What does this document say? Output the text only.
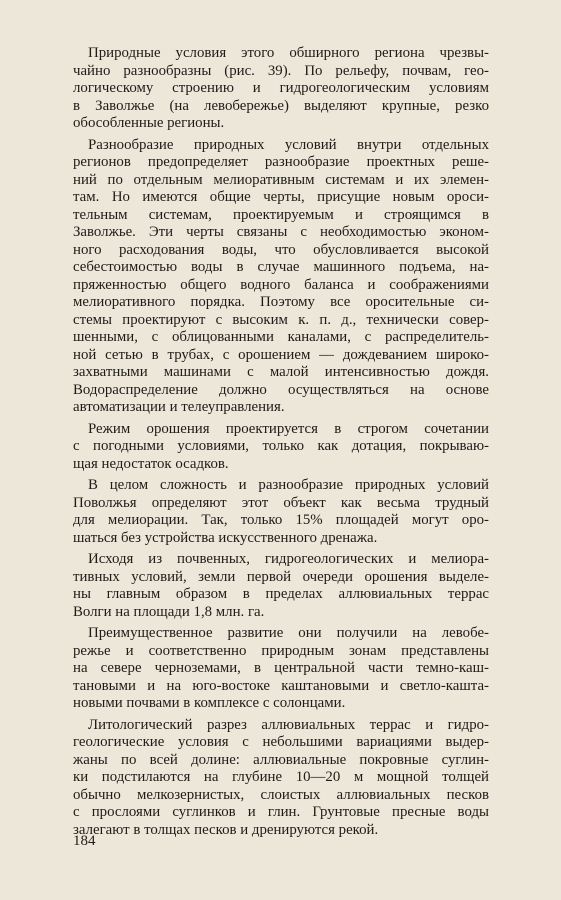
Природные условия этого обширного региона чрезвы-
чайно разнообразны (рис. 39). По рельефу, почвам, гео-
логическому строению и гидрогеологическим условиям
в Заволжье (на левобережье) выделяют крупные, резко
обособленные регионы.
Разнообразие природных условий внутри отдельных
регионов предопределяет разнообразие проектных реше-
ний по отдельным мелиоративным системам и их элемен-
там. Но имеются общие черты, присущие новым ороси-
тельным системам, проектируемым и строящимся в
Заволжье. Эти черты связаны с необходимостью эконом-
ного расходования воды, что обусловливается высокой
себестоимостью воды в случае машинного подъема, на-
пряженностью общего водного баланса и соображениями
мелиоративного порядка. Поэтому все оросительные си-
стемы проектируют с высоким к. п. д., технически совер-
шенными, с облицованными каналами, с распределитель-
ной сетью в трубах, с орошением — дождеванием широко-
захватными машинами с малой интенсивностью дождя.
Водораспределение должно осуществляться на основе
автоматизации и телеуправления.
Режим орошения проектируется в строгом сочетании
с погодными условиями, только как дотация, покрываю-
щая недостаток осадков.
В целом сложность и разнообразие природных условий
Поволжья определяют этот объект как весьма трудный
для мелиорации. Так, только 15% площадей могут оро-
шаться без устройства искусственного дренажа.
Исходя из почвенных, гидрогеологических и мелиора-
тивных условий, земли первой очереди орошения выделе-
ны главным образом в пределах аллювиальных террас
Волги на площади 1,8 млн. га.
Преимущественное развитие они получили на левобе-
режье и соответственно природным зонам представлены
на севере черноземами, в центральной части темно-каш-
тановыми и на юго-востоке каштановыми и светло-кашта-
новыми почвами в комплексе с солонцами.
Литологический разрез аллювиальных террас и гидро-
геологические условия с небольшими вариациями выдер-
жаны по всей долине: аллювиальные покровные суглин-
ки подстилаются на глубине 10—20 м мощной толщей
обычно мелкозернистых, слоистых аллювиальных песков
с прослоями суглинков и глин. Грунтовые пресные воды
залегают в толщах песков и дренируются рекой.
184
